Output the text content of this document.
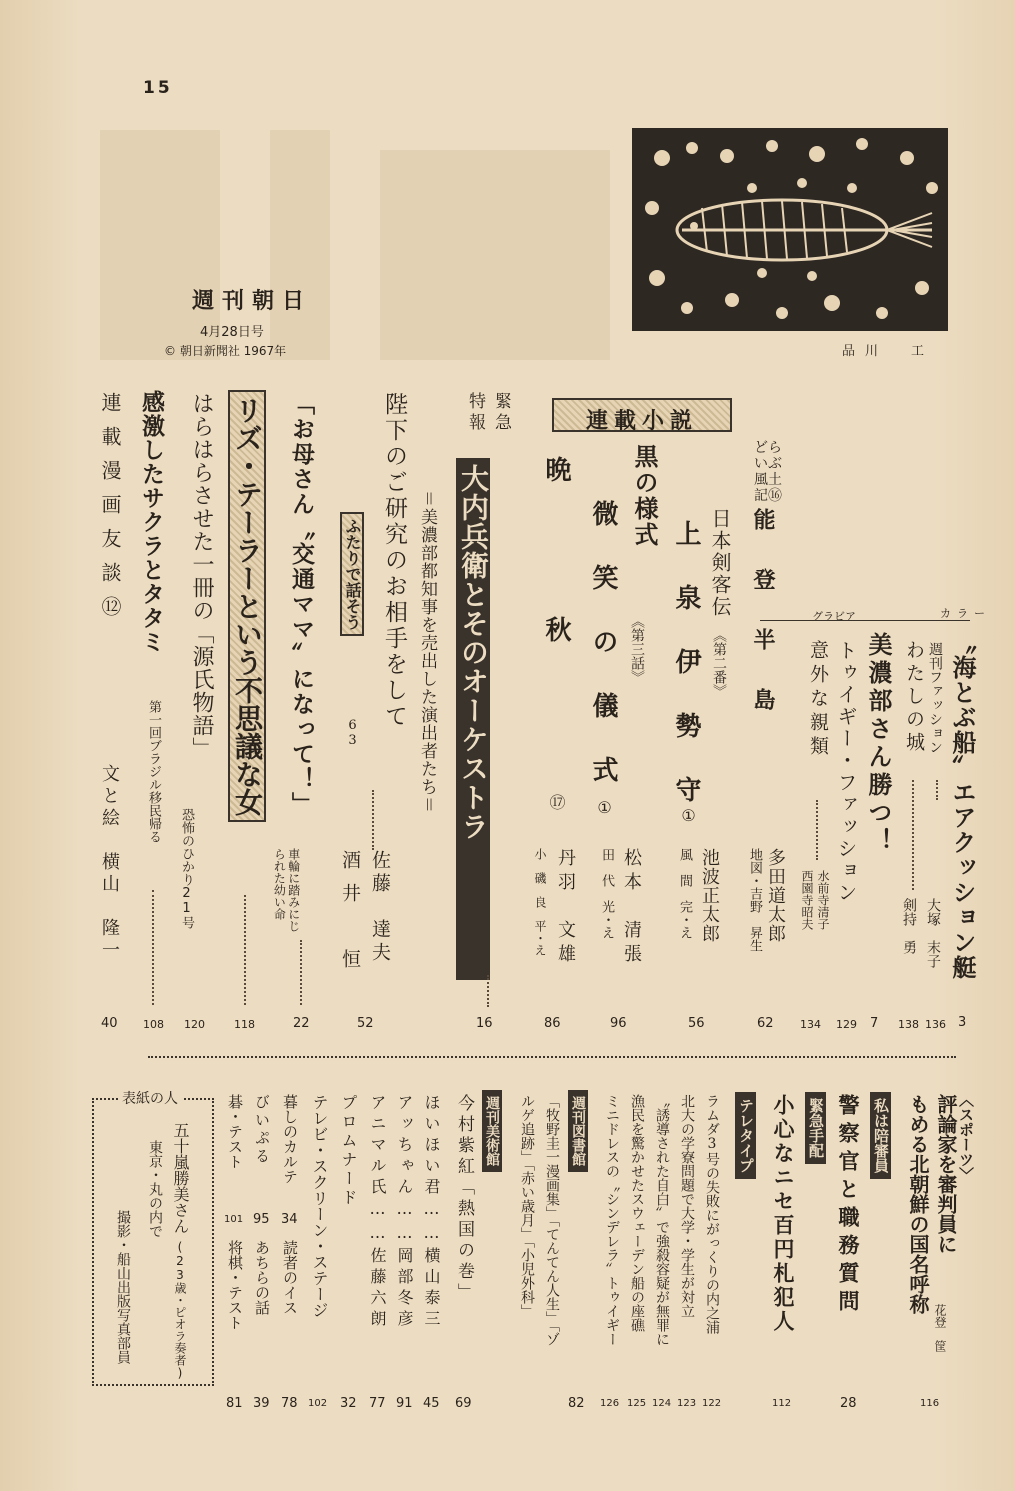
15
週刊朝日
4月28日号
© 朝日新聞社 1967年	品川　工
カラー
〝海とぶ船〟エアクッション艇
3
週刊ファッション
大塚　末子
136
わたしの城
剣持　勇
138
グラビア
美濃部さん勝つ！
7
トゥイギー・ファッション
129
意外な親類
水前寺清子
西園寺昭夫
134
どらいぶ風土記⑯
能　登　半　島
多田道太郎
地図・吉野　昇生
62
日本剣客伝
《第二番》
上　泉　伊　勢　守
①
池波正太郎
風　間　完・え
56
連載小説
黒の様式
《第三話》
微　笑　の　儀　式
①
松本　清張
田　代　光・え
96
晩　　　秋
⑰
丹羽　文雄
小　磯　良　平・え
86
緊急
特報
大内兵衛とそのオーケストラ
＝美濃部都知事を売出した演出者たち＝
16
陛下のご研究のお相手をして
ふたりで話そう
63
佐藤　達夫
52
酒井　恒
「お母さん〝交通ママ〟になって！」
車輪に踏みにじられた幼い命
22
リズ・テーラーという不思議な女
118
はらはらさせた一冊の「源氏物語」
恐怖のひかり21号
120
感激したサクラとタタミ
第一回ブラジル移民帰る
108
連載漫画友談⑫
文と絵　横山　隆一
40
〈スポーツ〉
評論家を審判員に
もめる北朝鮮の国名呼称
花登　筐
116
私は陪審員
警察官と職務質問
28
緊急手配
小心なニセ百円札犯人
112
テレタイプ
ラムダ3号の失敗にがっくりの内之浦
122
北大の学寮問題で大学・学生が対立
123
〝誘導された自白〟で強殺容疑が無罪に
124
漁民を驚かせたスウェーデン船の座礁
125
ミニドレスの〝シンデレラ〟トゥイギー
126
週刊図書館
「牧野圭一漫画集」「てんてん人生」「ゾ
ルゲ追跡」「赤い歳月」「小児外科」
82
週刊美術館
今村紫紅「熱国の巻」
69
ほいほい君……横山泰三
45
アッちゃん……岡部冬彦
91
アニマル氏……佐藤六朗
77
プロムナード
32
テレビ・スクリーン・ステージ
102
暮しのカルテ
34
読者のイス
78
びいぷる
95
あちらの話
39
碁・テスト
101
将棋・テスト
81
表紙の人
五十嵐勝美さん
(23歳・ピオラ奏者)
東京・丸の内で
撮影・船山出版写真部員
